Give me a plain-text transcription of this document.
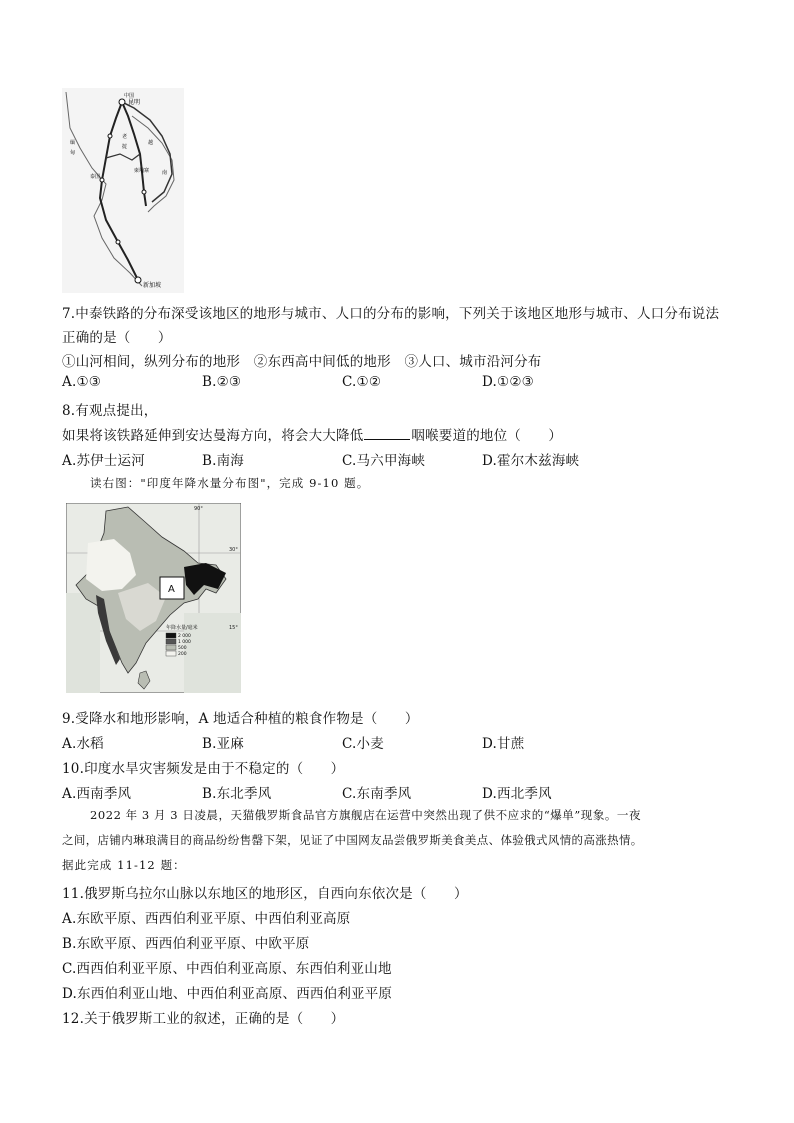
中国
昆明
缅
甸
老
挝
越
南
泰国
柬埔寨
新加坡
7.中泰铁路的分布深受该地区的地形与城市、人口的分布的影响，下列关于该地区地形与城市、人口分布说法
正确的是（　　）
①山河相间，纵列分布的地形　②东西高中间低的地形　③人口、城市沿河分布
A.①③	B.②③	C.①②	D.①②③
8.有观点提出，
如果将该铁路延伸到安达曼海方向，将会大大降低	咽喉要道的地位（　　）
A.苏伊士运河	B.南海	C.马六甲海峡	D.霍尔木兹海峡
读右图："印度年降水量分布图"，完成 9-10 题。
A
90°
30°
15°
年降水量/毫米
2 000
1 000
500
200
9.受降水和地形影响，A 地适合种植的粮食作物是（　　）
A.水稻	B.亚麻	C.小麦	D.甘蔗
10.印度水旱灾害频发是由于不稳定的（　　）
A.西南季风	B.东北季风	C.东南季风	D.西北季风
2022 年 3 月 3 日凌晨，天猫俄罗斯食品官方旗舰店在运营中突然出现了供不应求的“爆单”现象。一夜
之间，店铺内琳琅满目的商品纷纷售罄下架，见证了中国网友品尝俄罗斯美食美点、体验俄式风情的高涨热情。
据此完成 11-12 题：
11.俄罗斯乌拉尔山脉以东地区的地形区，自西向东依次是（　　）
A.东欧平原、西西伯利亚平原、中西伯利亚高原
B.东欧平原、西西伯利亚平原、中欧平原
C.西西伯利亚平原、中西伯利亚高原、东西伯利亚山地
D.东西伯利亚山地、中西伯利亚高原、西西伯利亚平原
12.关于俄罗斯工业的叙述，正确的是（　　）
